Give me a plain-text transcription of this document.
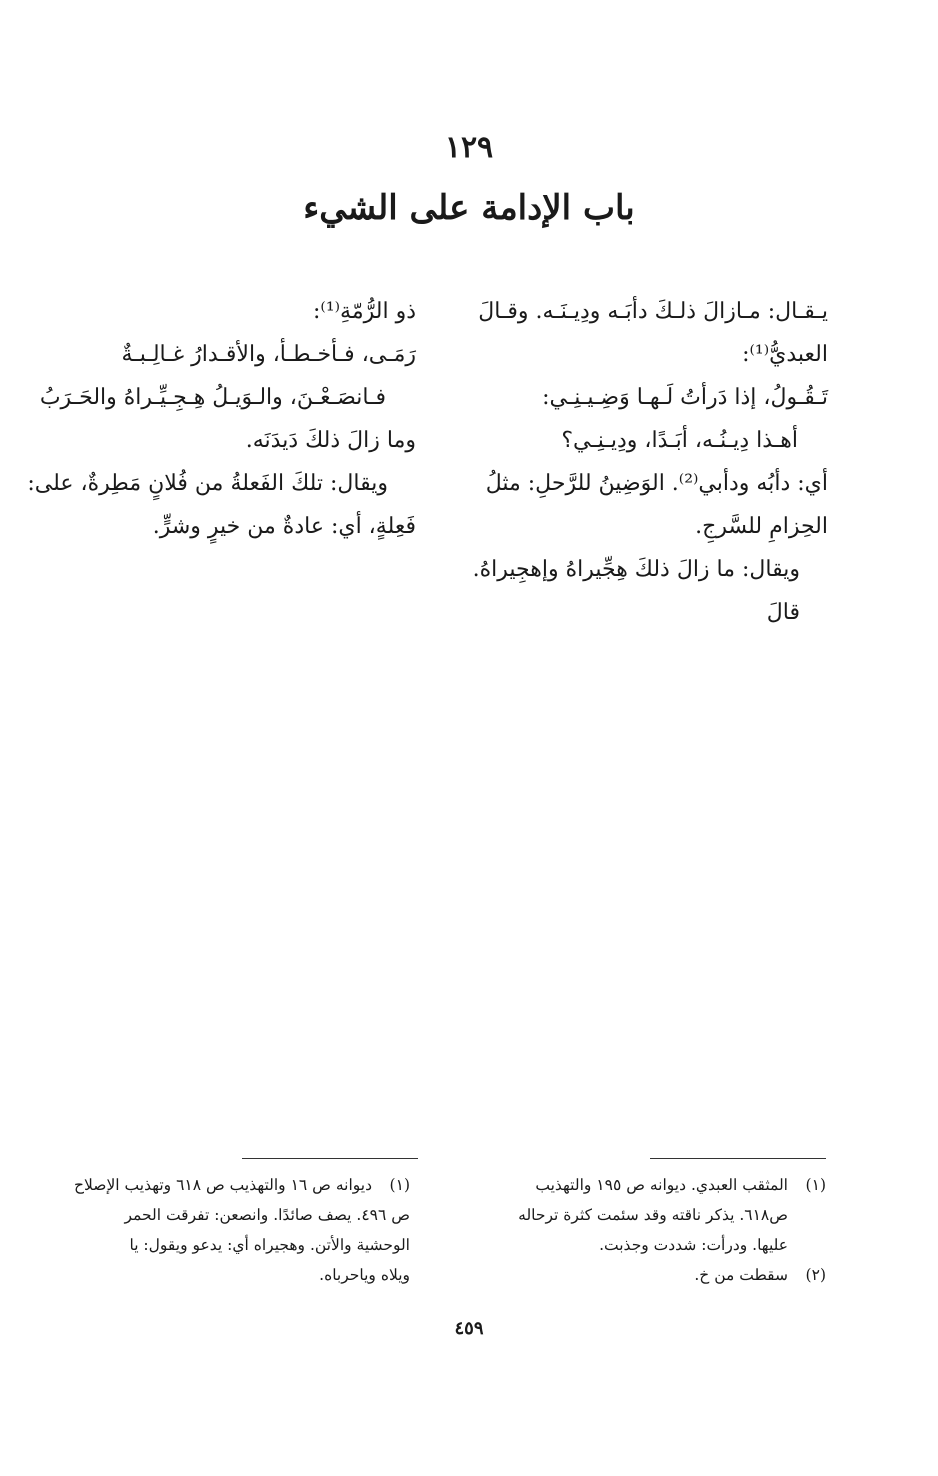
١٢٩
باب الإدامة على الشيء

يـقـال: مـازالَ ذلـكَ دأبَـه ودِيـنَـه. وقـالَ

العبديُّ⁽¹⁾:

تَـقُـولُ، إذا دَرأتُ لَـهـا وَضِـيـنِـي:

أهـذا دِيـنُـه، أبَـدًا، ودِيـنِـي؟

أي: دأبُه ودأبي⁽²⁾. الوَضِينُ للرَّحلِ: مثلُ

الحِزامِ للسَّرجِ.

ويقال: ما زالَ ذلكَ هِجِّيراهُ وإهجِيراهُ. قالَ

ذو الرُّمّةِ⁽¹⁾:

رَمَـى، فـأخـطـأ، والأقـدارُ غـالِـبـةٌ

فـانصَـعْـنَ، والـوَيـلُ هِـجِـيِّـراهُ والحَـرَبُ

وما زالَ ذلكَ دَيدَنَه.

ويقال: تلكَ الفَعلةُ من فُلانٍ مَطِرةٌ، على:

فَعِلةٍ، أي: عادةٌ من خيرٍ وشرٍّ.

(١)المثقب العبدي. ديوانه ص ١٩٥ والتهذيب

ص٦١٨. يذكر ناقته وقد سئمت كثرة ترحاله

عليها. ودرأت: شددت وجذبت.

(٢)سقطت من خ.

(١)ديوانه ص ١٦ والتهذيب ص ٦١٨ وتهذيب الإصلاح

ص ٤٩٦. يصف صائدًا. وانصعن: تفرقت الحمر

الوحشية والأتن. وهجيراه أي: يدعو ويقول: يا

ويلاه وياحرباه.

٤٥٩
